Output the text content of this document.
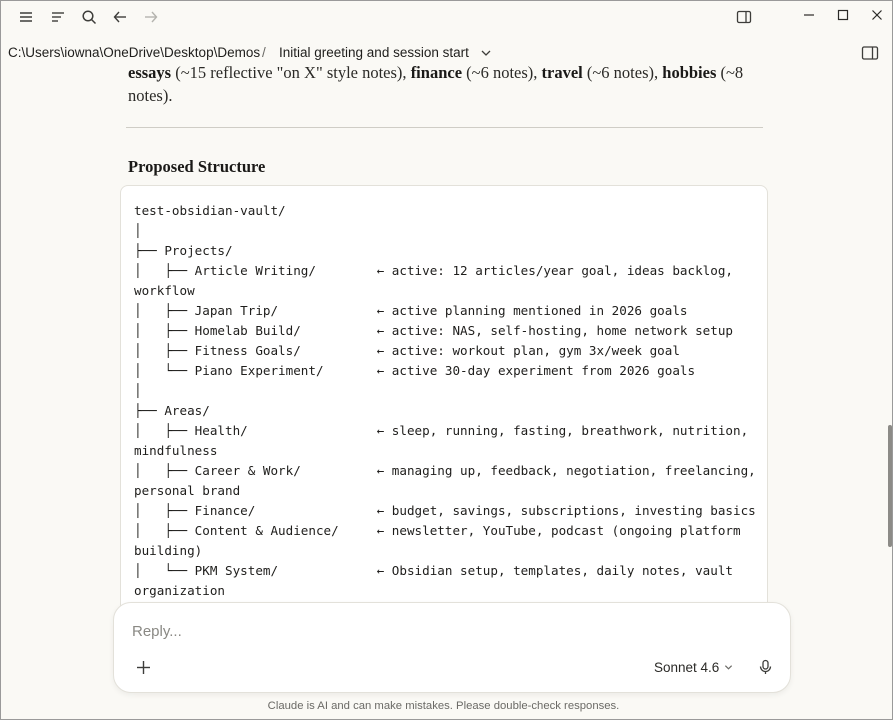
C:\Users\iowna\OneDrive\Desktop\Demos / Initial greeting and session start

essays (~15 reflective "on X" style notes), finance (~6 notes), travel (~6 notes), hobbies (~8 notes).

Proposed Structure
test-obsidian-vault/
│
├── Projects/
│   ├── Article Writing/        ← active: 12 articles/year goal, ideas backlog,
workflow
│   ├── Japan Trip/             ← active planning mentioned in 2026 goals
│   ├── Homelab Build/          ← active: NAS, self-hosting, home network setup
│   ├── Fitness Goals/          ← active: workout plan, gym 3x/week goal
│   └── Piano Experiment/       ← active 30-day experiment from 2026 goals
│
├── Areas/
│   ├── Health/                 ← sleep, running, fasting, breathwork, nutrition,
mindfulness
│   ├── Career & Work/          ← managing up, feedback, negotiation, freelancing,
personal brand
│   ├── Finance/                ← budget, savings, subscriptions, investing basics
│   ├── Content & Audience/     ← newsletter, YouTube, podcast (ongoing platform
building)
│   └── PKM System/             ← Obsidian setup, templates, daily notes, vault
organization
Reply...
Sonnet 4.6
Claude is AI and can make mistakes. Please double-check responses.
